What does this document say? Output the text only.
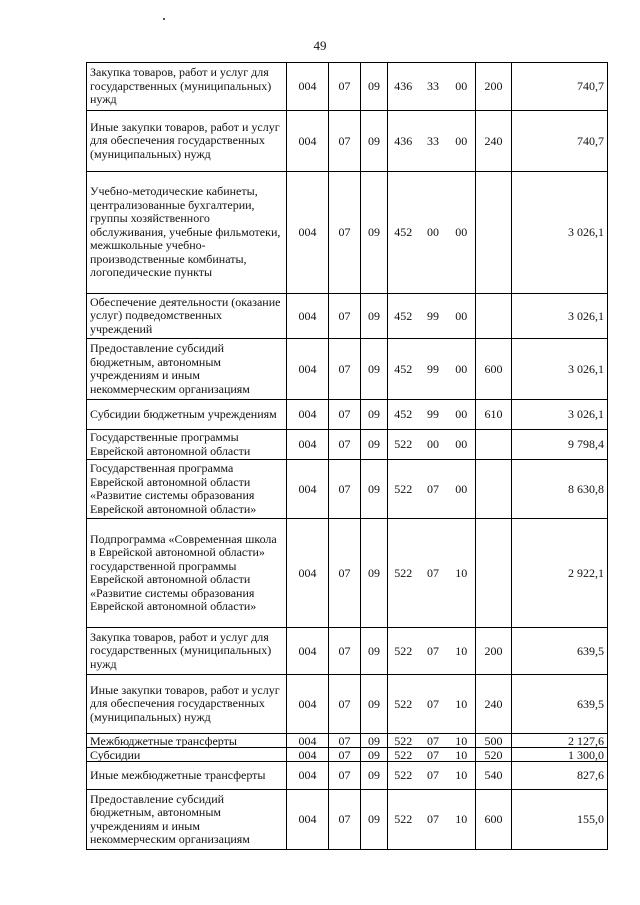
49
Закупка товаров, работ и услуг для государственных (муниципальных) нужд	004	07	09	436	33	00	200	740,7
Иные закупки товаров, работ и услуг для обеспечения государственных (муниципальных) нужд	004	07	09	436	33	00	240	740,7
Учебно-методические кабинеты, централизованные бухгалтерии, группы хозяйственного обслуживания, учебные фильмотеки, межшкольные учебно-производственные комбинаты, логопедические пункты	004	07	09	452	00	00		3 026,1
Обеспечение деятельности (оказание услуг) подведомственных учреждений	004	07	09	452	99	00		3 026,1
Предоставление субсидий бюджетным, автономным учреждениям и иным некоммерческим организациям	004	07	09	452	99	00	600	3 026,1
Субсидии бюджетным учреждениям	004	07	09	452	99	00	610	3 026,1
Государственные программы Еврейской автономной области	004	07	09	522	00	00		9 798,4
Государственная программа Еврейской автономной области «Развитие системы образования Еврейской автономной области»	004	07	09	522	07	00		8 630,8
Подпрограмма «Современная школа в Еврейской автономной области» государственной программы Еврейской автономной области «Развитие системы образования Еврейской автономной области»	004	07	09	522	07	10		2 922,1
Закупка товаров, работ и услуг для государственных (муниципальных) нужд	004	07	09	522	07	10	200	639,5
Иные закупки товаров, работ и услуг для обеспечения государственных (муниципальных) нужд	004	07	09	522	07	10	240	639,5
Межбюджетные трансферты	004	07	09	522	07	10	500	2 127,6
Субсидии	004	07	09	522	07	10	520	1 300,0
Иные межбюджетные трансферты	004	07	09	522	07	10	540	827,6
Предоставление субсидий бюджетным, автономным учреждениям и иным некоммерческим организациям	004	07	09	522	07	10	600	155,0
